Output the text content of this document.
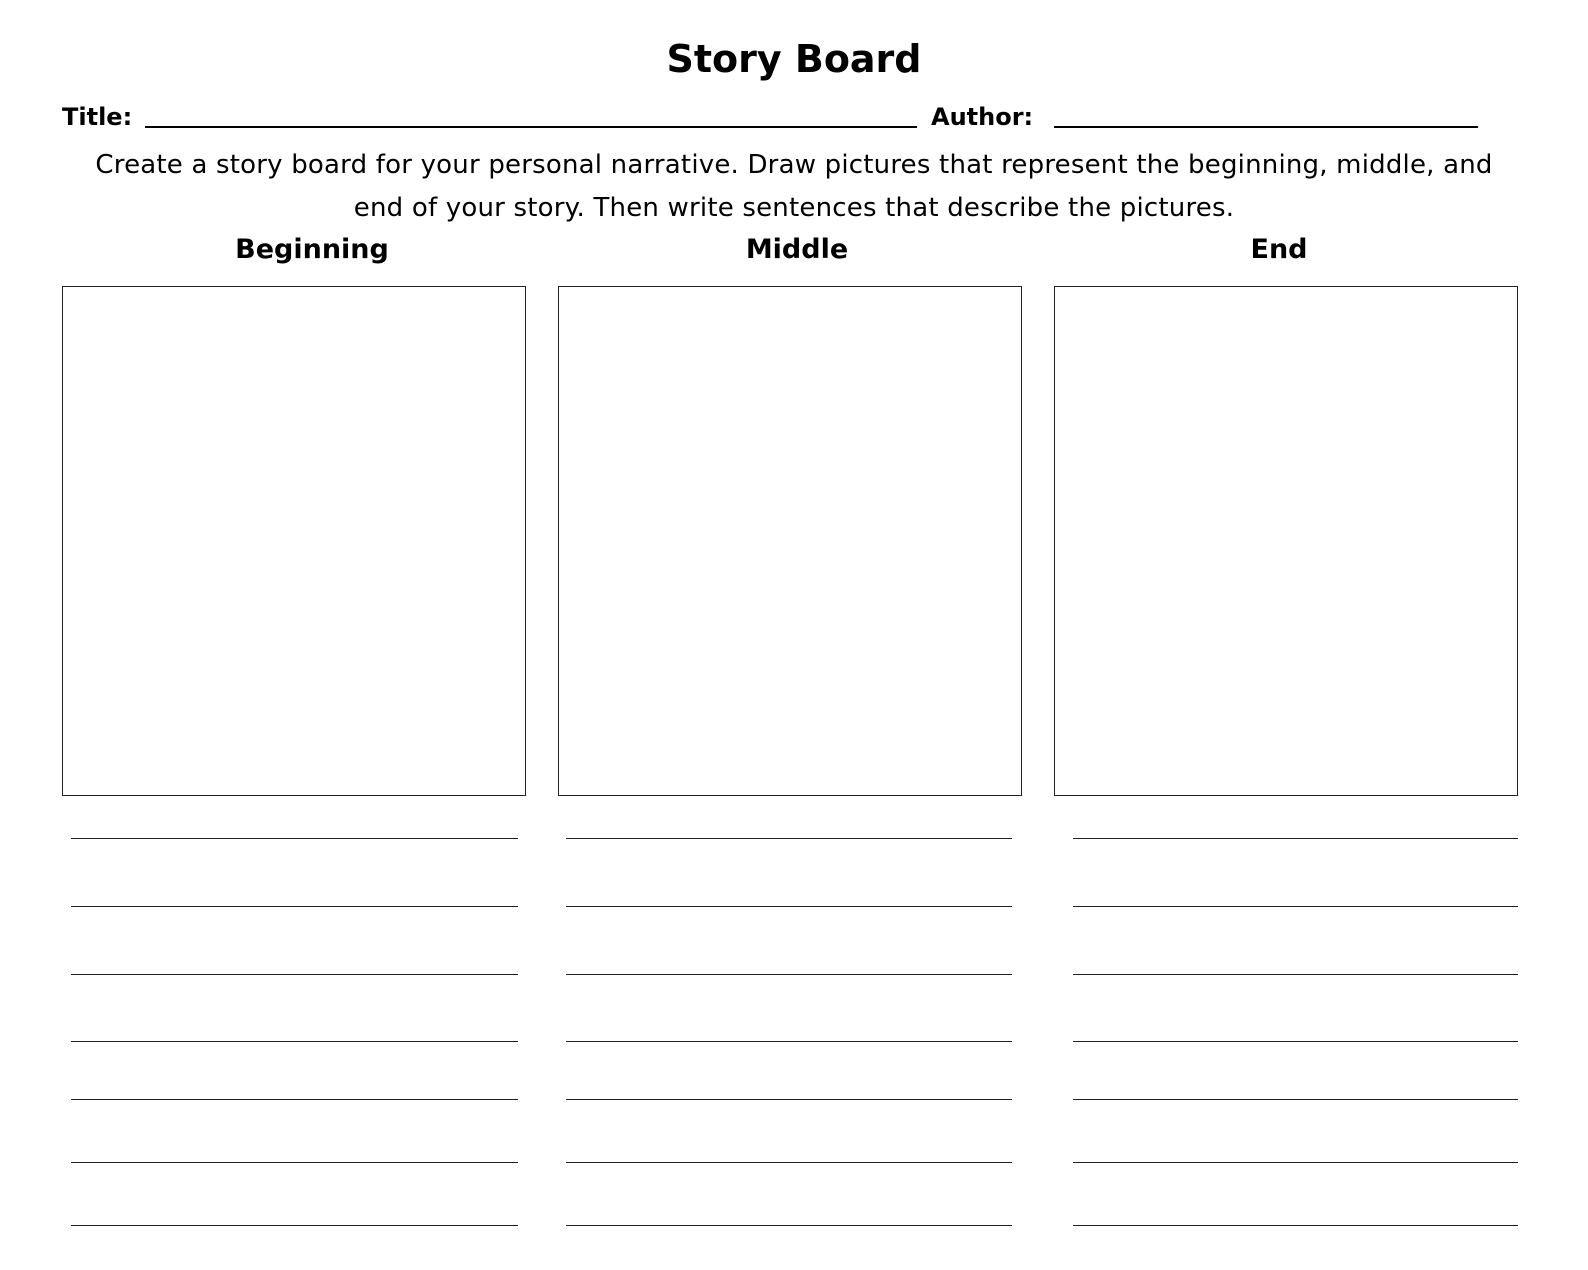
Story Board
Title:	Author:
Create a story board for your personal narrative. Draw pictures that represent the beginning, middle, and
end of your story. Then write sentences that describe the pictures.
Beginning	Middle	End
